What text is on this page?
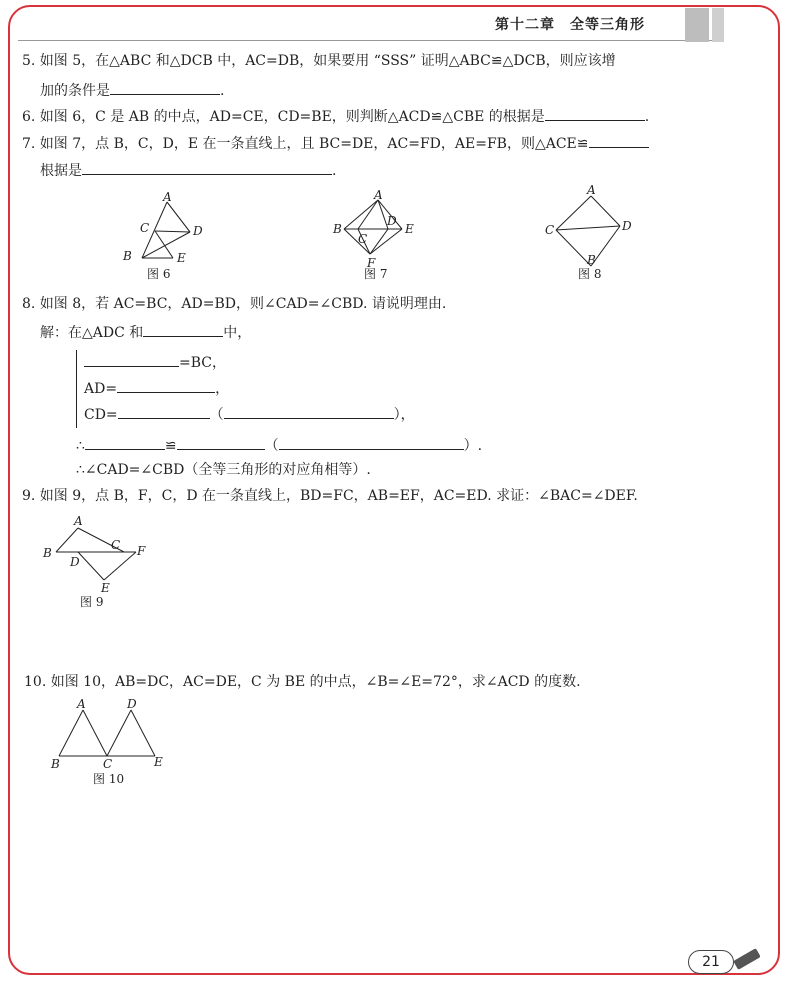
第十二章　全等三角形
5. 如图 5，在△ABC 和△DCB 中，AC=DB，如果要用 “SSS” 证明△ABC≌△DCB，则应该增
加的条件是	.
6. 如图 6，C 是 AB 的中点，AD=CE，CD=BE，则判断△ACD≌△CBE 的根据是	.
7. 如图 7，点 B，C，D，E 在一条直线上，且 BC=DE，AC=FD，AE=FB，则△ACE≌
根据是	.
A
C	D
B	E
图 6
A
B
C
D
E
F
图 7
A
C	D
B
图 8
8. 如图 8，若 AC=BC，AD=BD，则∠CAD=∠CBD. 请说明理由.
解：在△ADC 和	中，
=BC，
AD=	，
CD=	（	），
∴	≌	（	）.
∴∠CAD=∠CBD（全等三角形的对应角相等）.
9. 如图 9，点 B，F，C，D 在一条直线上，BD=FC，AB=EF，AC=ED. 求证：∠BAC=∠DEF.
A
B
C F
D
E
图 9
10. 如图 10，AB=DC，AC=DE，C 为 BE 的中点，∠B=∠E=72°，求∠ACD 的度数.
A	D
B	C	E
图 10
21
